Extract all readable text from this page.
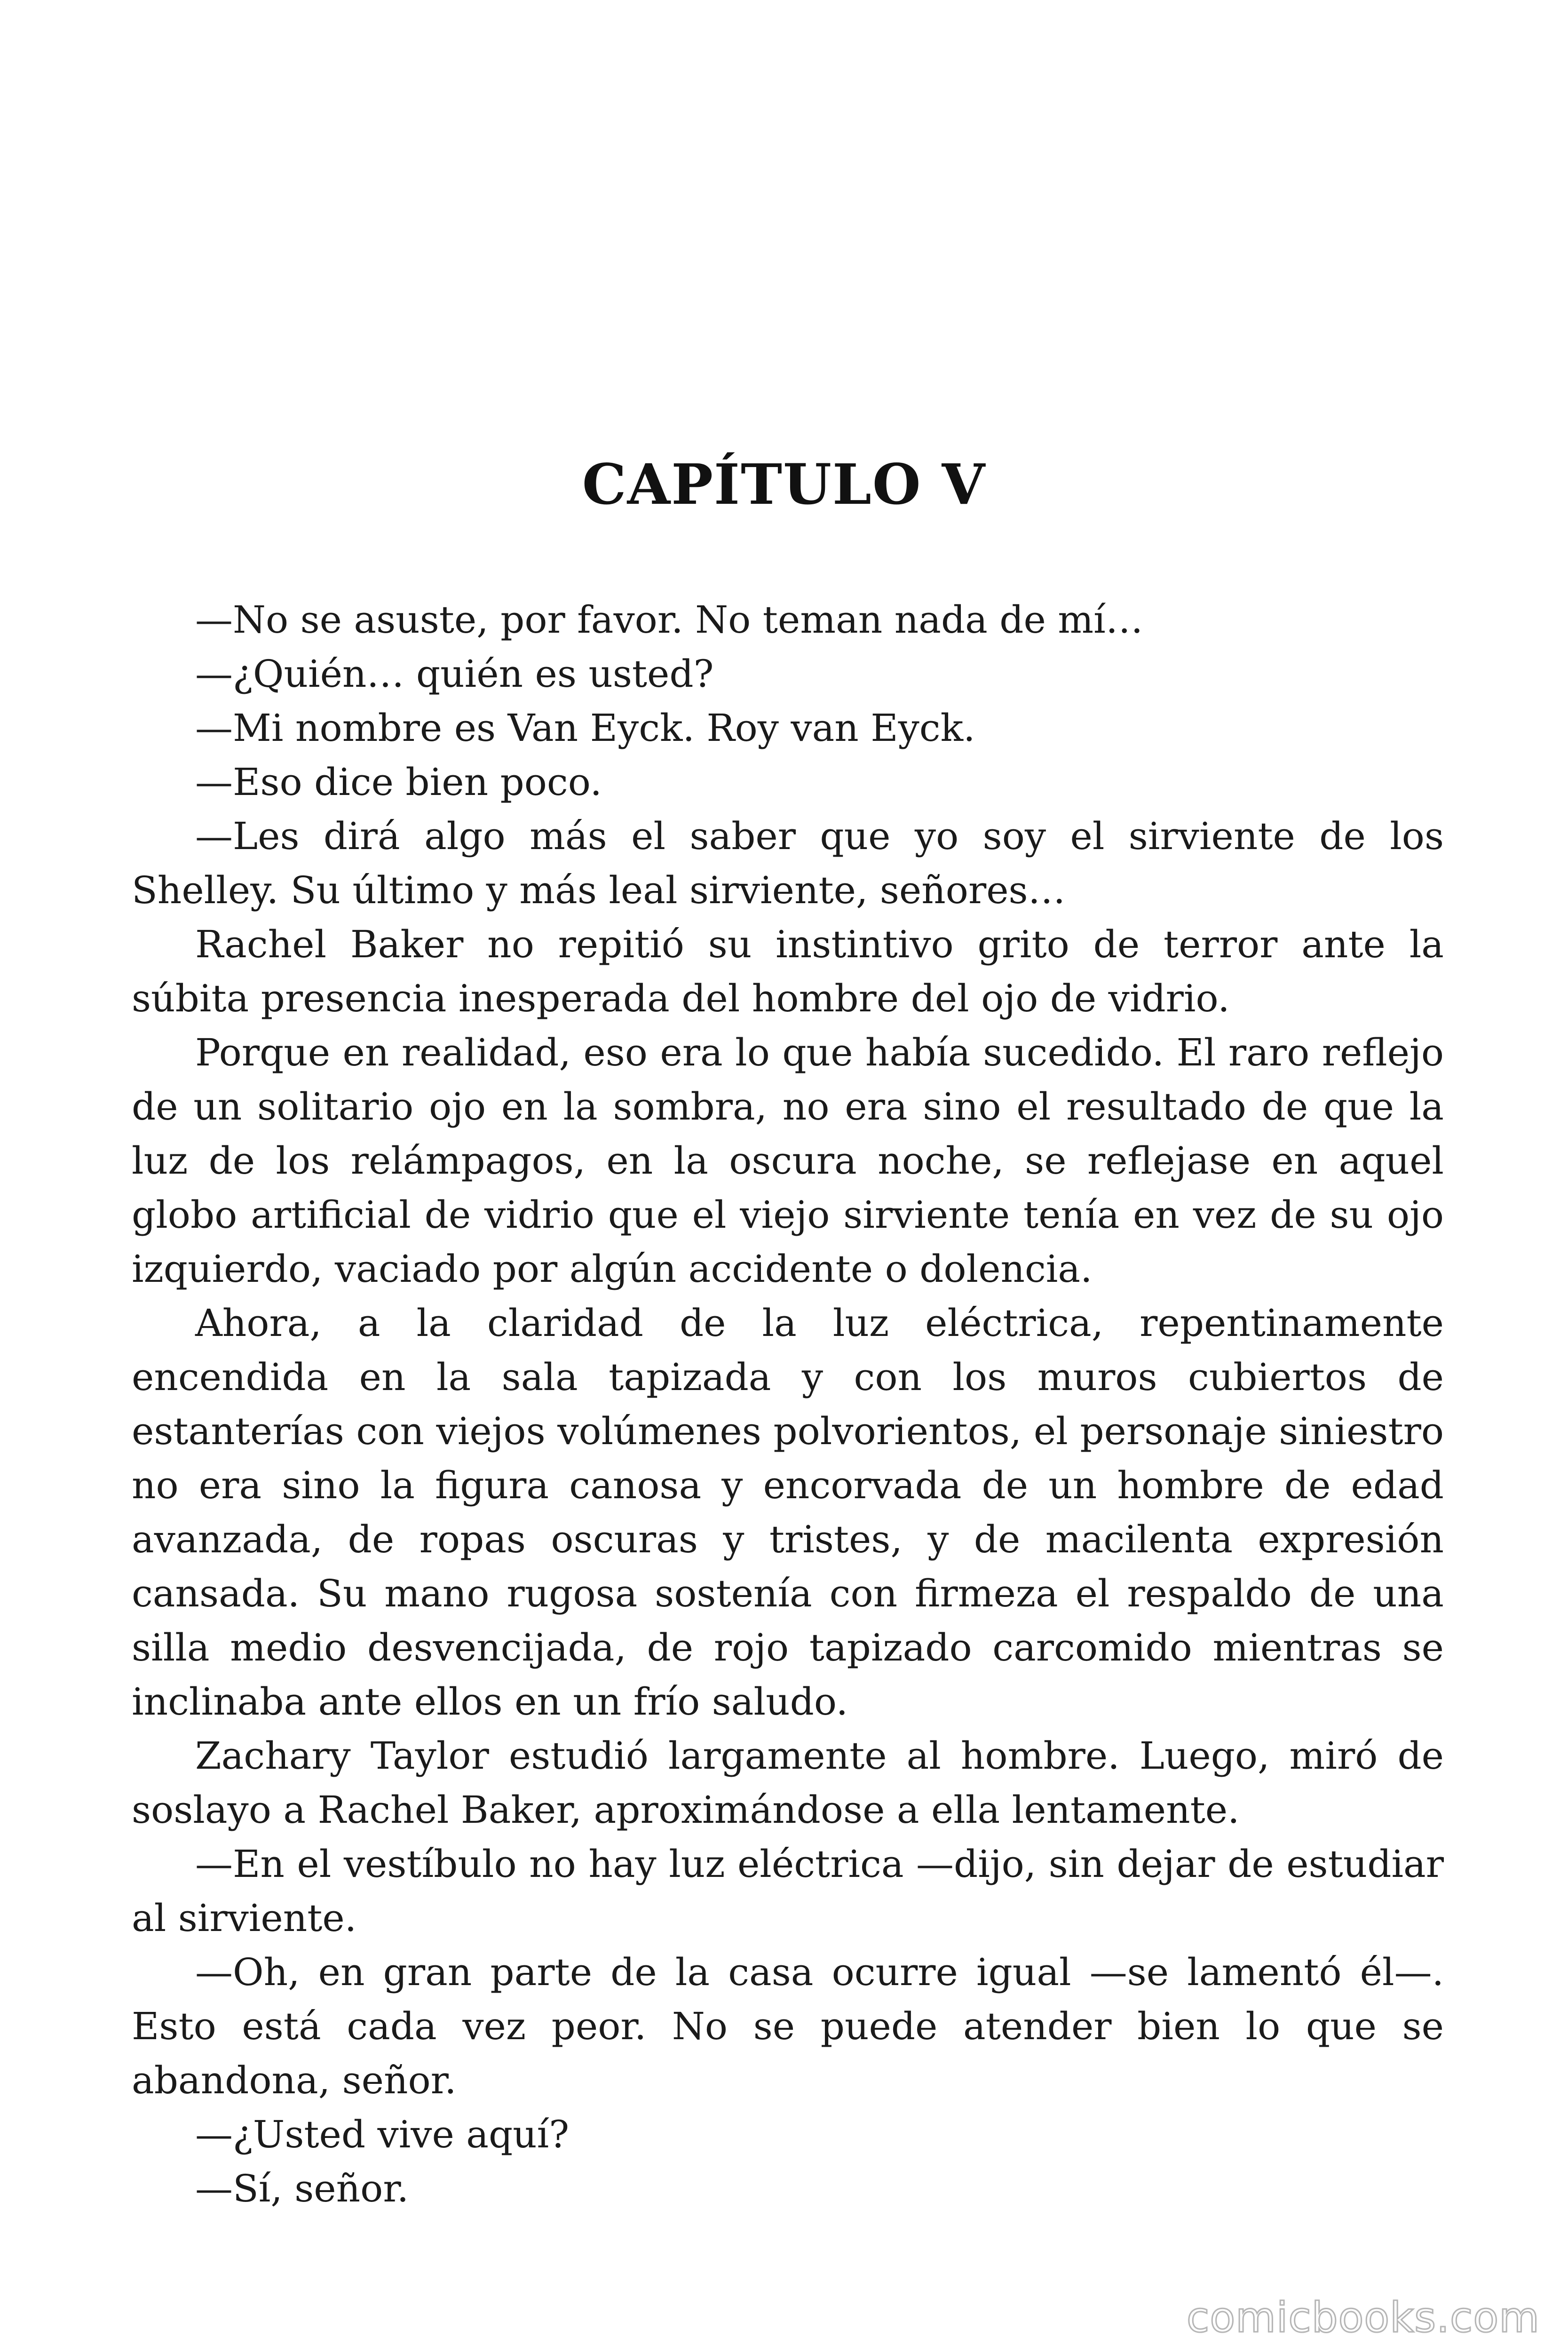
CAPÍTULO V

—No se asuste, por favor. No teman nada de mí…

—¿Quién… quién es usted?

—Mi nombre es Van Eyck. Roy van Eyck.

—Eso dice bien poco.

—Les dirá algo más el saber que yo soy el sirviente de los Shelley. Su último y más leal sirviente, señores…

Rachel Baker no repitió su instintivo grito de terror ante la súbita presencia inesperada del hombre del ojo de vidrio.

Porque en realidad, eso era lo que había sucedido. El raro reflejo de un solitario ojo en la sombra, no era sino el resultado de que la luz de los relámpagos, en la oscura noche, se reflejase en aquel globo artificial de vidrio que el viejo sirviente tenía en vez de su ojo izquierdo, vaciado por algún accidente o dolencia.

Ahora, a la claridad de la luz eléctrica, repentinamente encendida en la sala tapizada y con los muros cubiertos de estanterías con viejos volúmenes polvorientos, el personaje siniestro no era sino la figura canosa y encorvada de un hombre de edad avanzada, de ropas oscuras y tristes, y de macilenta expresión cansada. Su mano rugosa sostenía con firmeza el respaldo de una silla medio desvencijada, de rojo tapizado carcomido mientras se inclinaba ante ellos en un frío saludo.

Zachary Taylor estudió largamente al hombre. Luego, miró de soslayo a Rachel Baker, aproximándose a ella lentamente.

—En el vestíbulo no hay luz eléctrica —dijo, sin dejar de estudiar al sirviente.

—Oh, en gran parte de la casa ocurre igual —se lamentó él—. Esto está cada vez peor. No se puede atender bien lo que se abandona, señor.

—¿Usted vive aquí?

—Sí, señor.

comicbooks.com
